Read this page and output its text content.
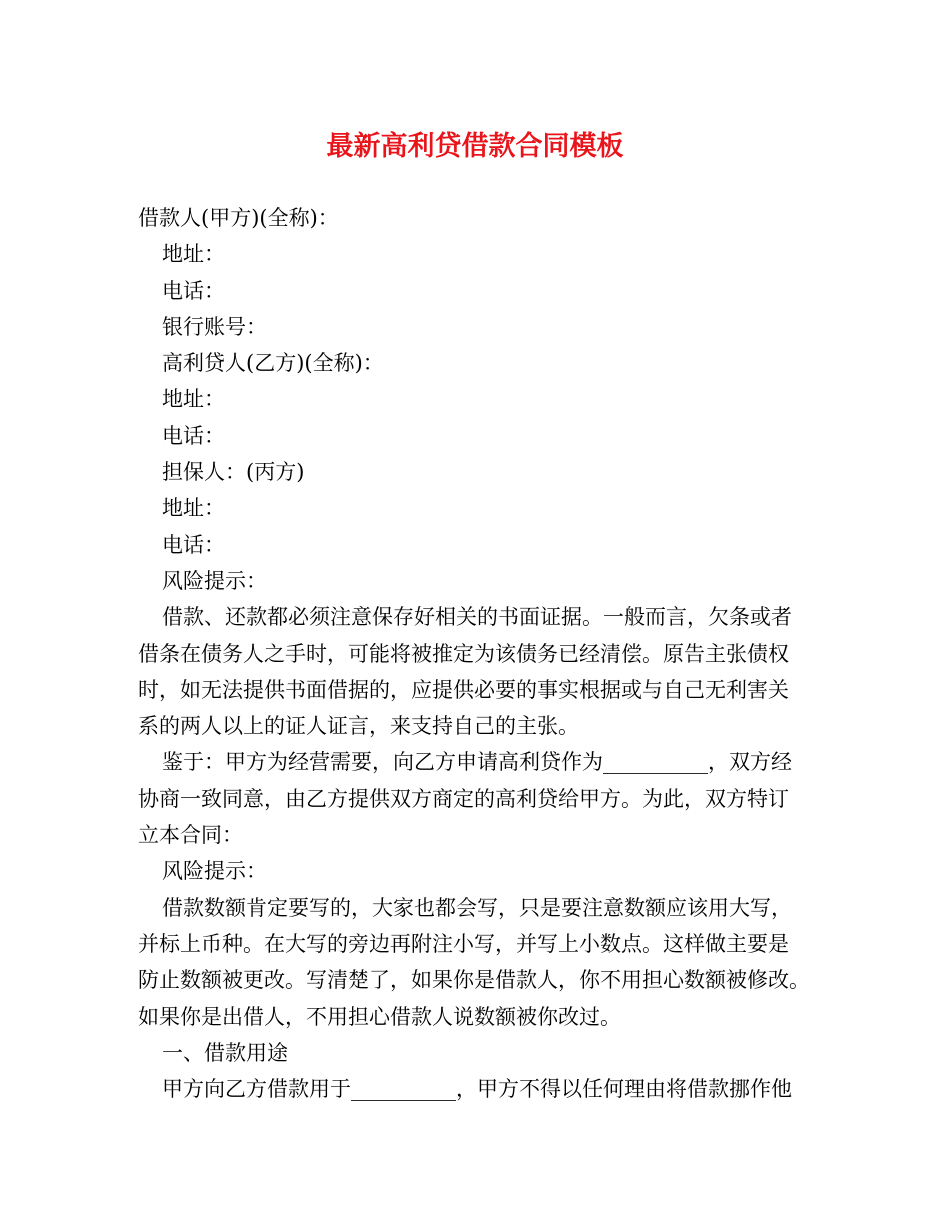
最新高利贷借款合同模板

借款人(甲方)(全称)：

地址：

电话：

银行账号：

高利贷人(乙方)(全称)：

地址：

电话：

担保人：(丙方)

地址：

电话：

风险提示：

借款、还款都必须注意保存好相关的书面证据。一般而言，欠条或者

借条在债务人之手时，可能将被推定为该债务已经清偿。原告主张债权

时，如无法提供书面借据的，应提供必要的事实根据或与自己无利害关

系的两人以上的证人证言，来支持自己的主张。

鉴于：甲方为经营需要，向乙方申请高利贷作为__________，双方经

协商一致同意，由乙方提供双方商定的高利贷给甲方。为此，双方特订

立本合同：

风险提示：

借款数额肯定要写的，大家也都会写，只是要注意数额应该用大写，

并标上币种。在大写的旁边再附注小写，并写上小数点。这样做主要是

防止数额被更改。写清楚了，如果你是借款人，你不用担心数额被修改。

如果你是出借人，不用担心借款人说数额被你改过。

一、借款用途

甲方向乙方借款用于__________，甲方不得以任何理由将借款挪作他
